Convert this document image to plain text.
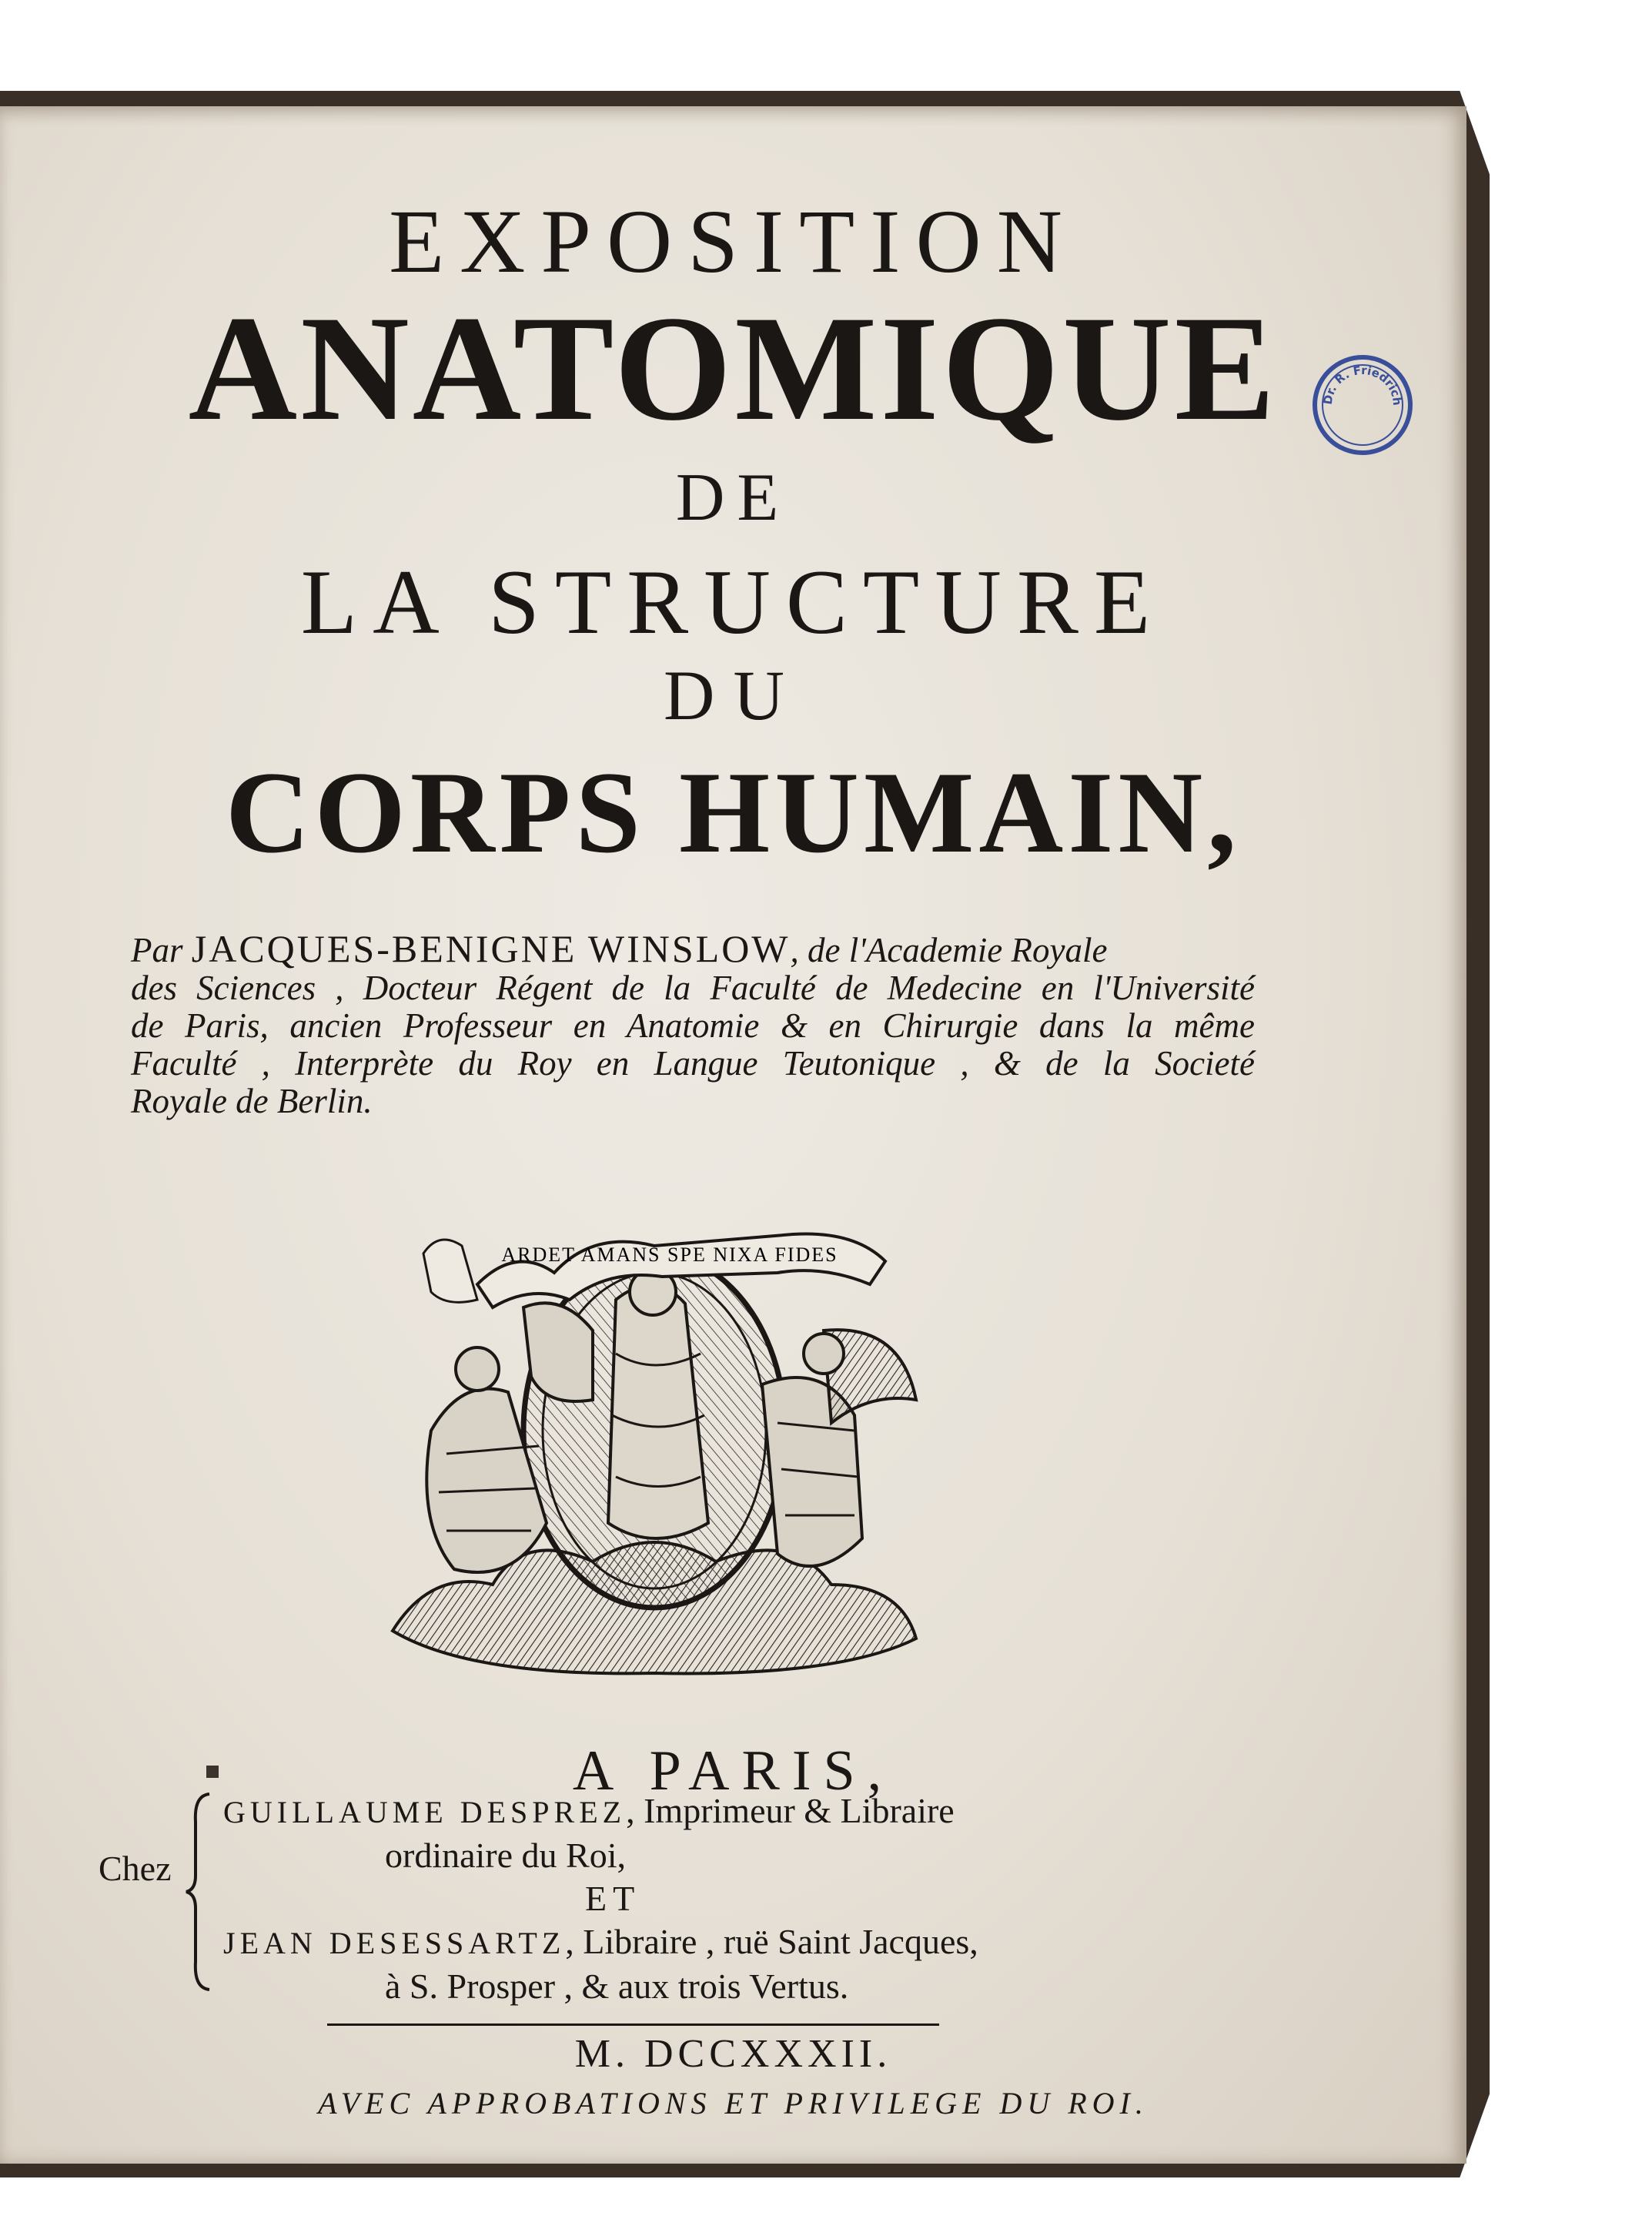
EXPOSITION
ANATOMIQUE
DE
LA STRUCTURE
DU
CORPS HUMAIN,
Par JACQUES-BENIGNE WINSLOW, de l'Academie Royale
des Sciences , Docteur Régent de la Faculté de Medecine en l'Université
de Paris, ancien Professeur en Anatomie & en Chirurgie dans la même
Faculté , Interprète du Roy en Langue Teutonique , & de la Societé
Royale de Berlin.
ARDET AMANS SPE NIXA FIDES
A PARIS,
Chez
GUILLAUME DESPREZ, Imprimeur & Libraire
ordinaire du Roi,
ET
JEAN DESESSARTZ, Libraire , ruë Saint Jacques,
à S. Prosper , & aux trois Vertus.
M. DCCXXXII.
AVEC APPROBATIONS ET PRIVILEGE DU ROI.
Dr. R. Friedrich
